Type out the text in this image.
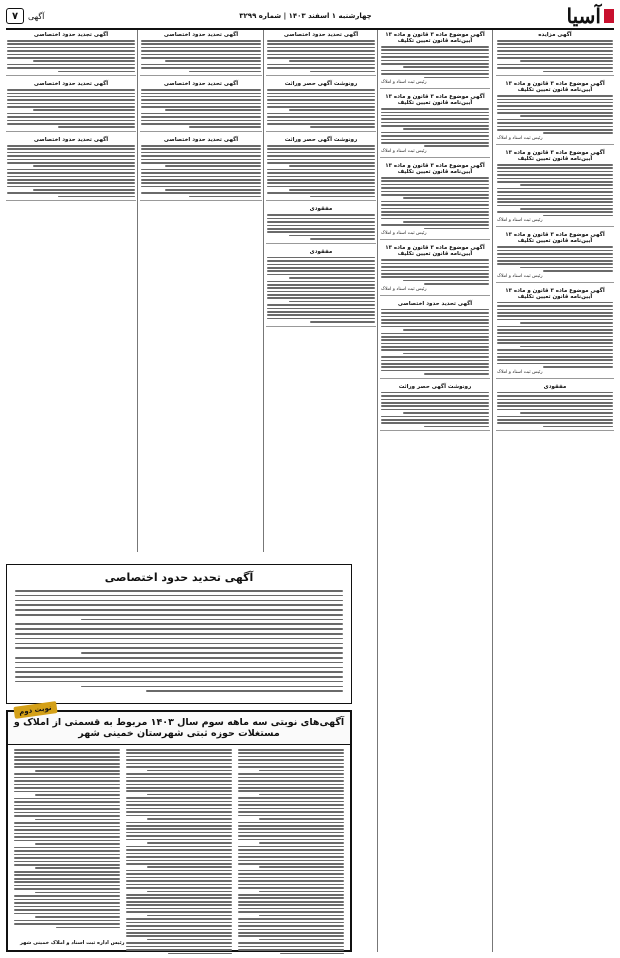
آسیا
چهارشنبه ۱ اسفند ۱۴۰۳ | شماره ۳۲۹۹
آگهی
۷
آگهی مزایده
آگهی موضوع ماده ۳ قانون و ماده ۱۳ آیین‌نامه قانون تعیین تکلیف
رئیس ثبت اسناد و املاک
آگهی موضوع ماده ۳ قانون و ماده ۱۳ آیین‌نامه قانون تعیین تکلیف
رئیس ثبت اسناد و املاک
آگهی موضوع ماده ۳ قانون و ماده ۱۳ آیین‌نامه قانون تعیین تکلیف
رئیس ثبت اسناد و املاک
آگهی موضوع ماده ۳ قانون و ماده ۱۳ آیین‌نامه قانون تعیین تکلیف
رئیس ثبت اسناد و املاک
مفقودی
آگهی موضوع ماده ۳ قانون و ماده ۱۳ آیین‌نامه قانون تعیین تکلیف
رئیس ثبت اسناد و املاک
آگهی موضوع ماده ۳ قانون و ماده ۱۳ آیین‌نامه قانون تعیین تکلیف
رئیس ثبت اسناد و املاک
آگهی موضوع ماده ۳ قانون و ماده ۱۳ آیین‌نامه قانون تعیین تکلیف
رئیس ثبت اسناد و املاک
آگهی موضوع ماده ۳ قانون و ماده ۱۳ آیین‌نامه قانون تعیین تکلیف
رئیس ثبت اسناد و املاک
آگهی تحدید حدود اختصاصی
رونوشت آگهی حصر وراثت
آگهی تحدید حدود اختصاصی
رونوشت آگهی حصر وراثت
رونوشت آگهی حصر وراثت
مفقودی
مفقودی
آگهی تحدید حدود اختصاصی
آگهی تحدید حدود اختصاصی
آگهی تحدید حدود اختصاصی
آگهی تجدید حدود اختصاصی
آگهی تحدید حدود اختصاصی
آگهی تحدید حدود اختصاصی
آگهی تحدید حدود اختصاصی
نوبت دوم
آگهی‌های نوبتی سه ماهه سوم سال ۱۴۰۳ مربوط به قسمتی از املاک و مستغلات حوزه ثبتی شهرستان خمینی شهر
رئیس اداره ثبت اسناد و املاک خمینی شهر
